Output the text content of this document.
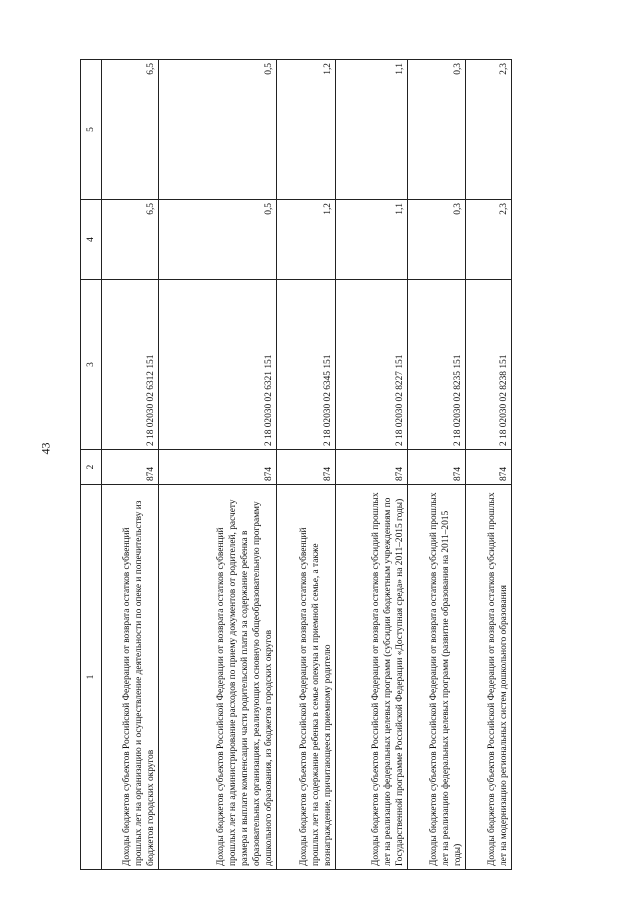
43
1	2	3	4	5
Доходы бюджетов субъектов Российской Федерации от возврата остатков субвенций прошлых лет на организацию и осуществление деятельности по опеке и попечительству из бюджетов городских округов	874	2 18 02030 02 6312 151	6,5	6,5
Доходы бюджетов субъектов Российской Федерации от возврата остатков субвенций прошлых лет на администрирование расходов по приему документов от родителей, расчету размера и выплате компенсации части родительской платы за содержание ребенка в образовательных организациях, реализующих основную общеобразовательную программу дошкольного образования, из бюджетов городских округов	874	2 18 02030 02 6321 151	0,5	0,5
Доходы бюджетов субъектов Российской Федерации от возврата остатков субвенций прошлых лет на содержание ребенка в семье опекуна и приемной семье, а также вознаграждение, причитающееся приемному родителю	874	2 18 02030 02 6345 151	1,2	1,2
Доходы бюджетов субъектов Российской Федерации от возврата остатков субсидий прошлых лет на реализацию федеральных целевых программ (субсидии бюджетным учреждениям по Государственной программе Российской Федерации «Доступная среда» на 2011–2015 годы)	874	2 18 02030 02 8227 151	1,1	1,1
Доходы бюджетов субъектов Российской Федерации от возврата остатков субсидий прошлых лет на реализацию федеральных целевых программ (развитие образования на 2011–2015 годы)	874	2 18 02030 02 8235 151	0,3	0,3
Доходы бюджетов субъектов Российской Федерации от возврата остатков субсидий прошлых лет на модернизацию региональных систем дошкольного образования	874	2 18 02030 02 8238 151	2,3	2,3
